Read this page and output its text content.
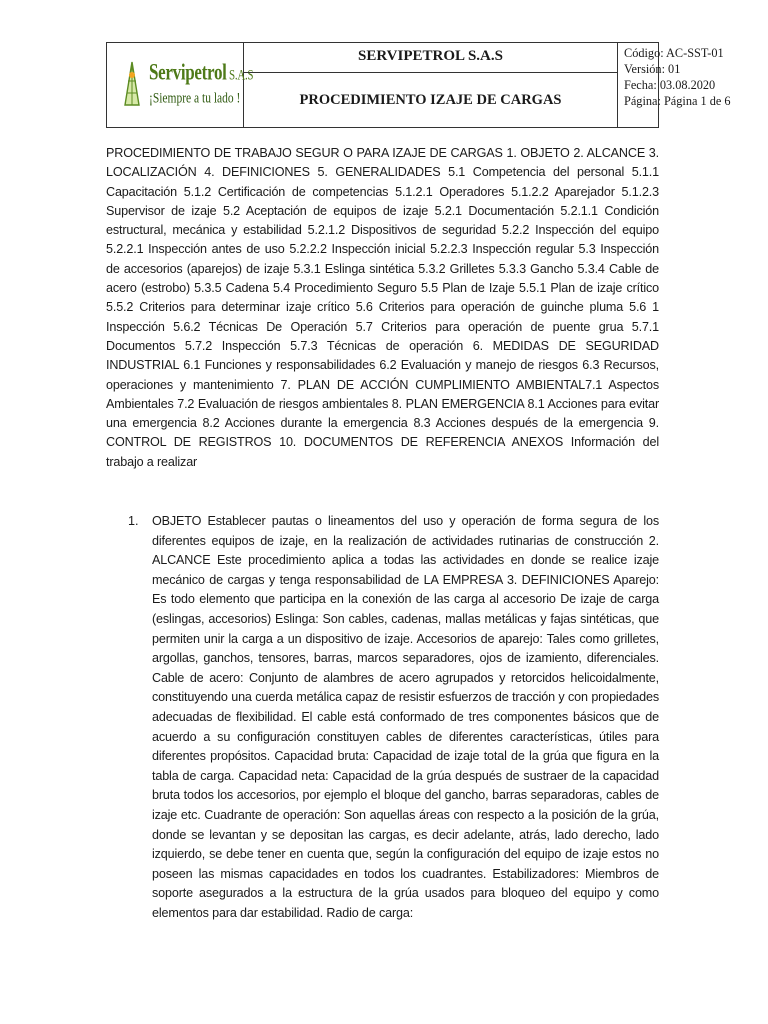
Servipetrol S.A.S
¡Siempre a tu lado !
SERVIPETROL S.A.S
PROCEDIMIENTO IZAJE DE CARGAS
Código: AC-SST-01
Versión: 01
Fecha: 03.08.2020
Página: Página 1 de 6

PROCEDIMIENTO DE TRABAJO SEGUR O PARA IZAJE DE CARGAS 1. OBJETO 2. ALCANCE 3. LOCALIZACIÓN 4. DEFINICIONES 5. GENERALIDADES 5.1 Competencia del personal 5.1.1 Capacitación 5.1.2 Certificación de competencias 5.1.2.1 Operadores 5.1.2.2 Aparejador 5.1.2.3 Supervisor de izaje 5.2 Aceptación de equipos de izaje 5.2.1 Documentación 5.2.1.1 Condición estructural, mecánica y estabilidad 5.2.1.2 Dispositivos de seguridad 5.2.2 Inspección del equipo 5.2.2.1 Inspección antes de uso 5.2.2.2 Inspección inicial 5.2.2.3 Inspección regular 5.3 Inspección de accesorios (aparejos) de izaje 5.3.1 Eslinga sintética 5.3.2 Grilletes 5.3.3 Gancho 5.3.4 Cable de acero (estrobo) 5.3.5 Cadena 5.4 Procedimiento Seguro 5.5 Plan de Izaje 5.5.1 Plan de izaje crítico 5.5.2 Criterios para determinar izaje crítico 5.6 Criterios para operación de guinche pluma 5.6 1 Inspección 5.6.2 Técnicas De Operación 5.7 Criterios para operación de puente grua 5.7.1 Documentos 5.7.2 Inspección 5.7.3 Técnicas de operación 6. MEDIDAS DE SEGURIDAD INDUSTRIAL 6.1 Funciones y responsabilidades 6.2 Evaluación y manejo de riesgos 6.3 Recursos, operaciones y mantenimiento 7. PLAN DE ACCIÓN CUMPLIMIENTO AMBIENTAL7.1 Aspectos Ambientales 7.2 Evaluación de riesgos ambientales 8. PLAN EMERGENCIA 8.1 Acciones para evitar una emergencia 8.2 Acciones durante la emergencia 8.3 Acciones después de la emergencia 9. CONTROL DE REGISTROS 10. DOCUMENTOS DE REFERENCIA ANEXOS Información del trabajo a realizar

1. OBJETO Establecer pautas o lineamentos del uso y operación de forma segura de los diferentes equipos de izaje, en la realización de actividades rutinarias de construcción 2. ALCANCE Este procedimiento aplica a todas las actividades en donde se realice izaje mecánico de cargas y tenga responsabilidad de LA EMPRESA 3. DEFINICIONES Aparejo: Es todo elemento que participa en la conexión de las carga al accesorio De izaje de carga (eslingas, accesorios) Eslinga: Son cables, cadenas, mallas metálicas y fajas sintéticas, que permiten unir la carga a un dispositivo de izaje. Accesorios de aparejo: Tales como grilletes, argollas, ganchos, tensores, barras, marcos separadores, ojos de izamiento, diferenciales. Cable de acero: Conjunto de alambres de acero agrupados y retorcidos helicoidalmente, constituyendo una cuerda metálica capaz de resistir esfuerzos de tracción y con propiedades adecuadas de flexibilidad. El cable está conformado de tres componentes básicos que de acuerdo a su configuración constituyen cables de diferentes características, útiles para diferentes propósitos. Capacidad bruta: Capacidad de izaje total de la grúa que figura en la tabla de carga. Capacidad neta: Capacidad de la grúa después de sustraer de la capacidad bruta todos los accesorios, por ejemplo el bloque del gancho, barras separadoras, cables de izaje etc. Cuadrante de operación: Son aquellas áreas con respecto a la posición de la grúa, donde se levantan y se depositan las cargas, es decir adelante, atrás, lado derecho, lado izquierdo, se debe tener en cuenta que, según la configuración del equipo de izaje estos no poseen las mismas capacidades en todos los cuadrantes. Estabilizadores: Miembros de soporte asegurados a la estructura de la grúa usados para bloqueo del equipo y como elementos para dar estabilidad. Radio de carga:
